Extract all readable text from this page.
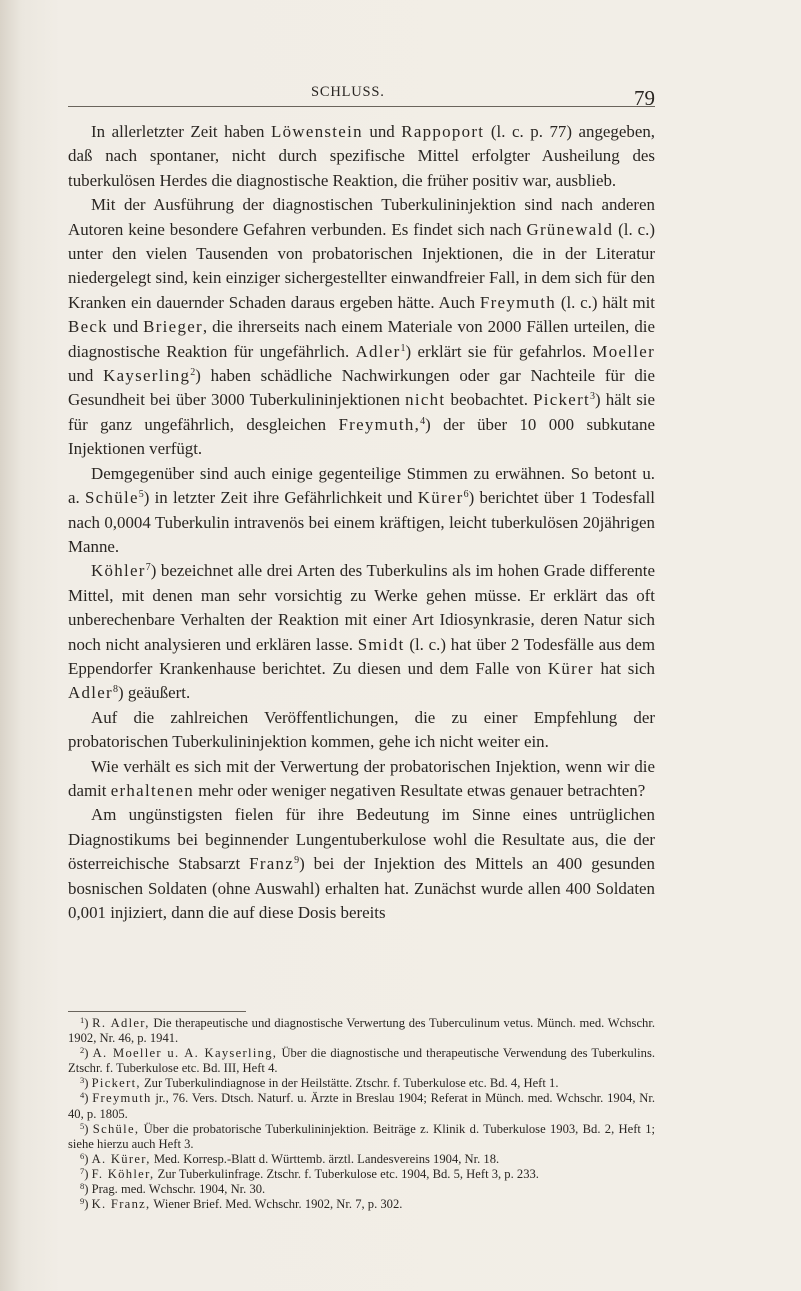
SCHLUSS.	79

In allerletzter Zeit haben Löwenstein und Rappoport (l. c. p. 77) angegeben, daß nach spontaner, nicht durch spezifische Mittel erfolgter Ausheilung des tuberkulösen Herdes die diagnostische Reaktion, die früher positiv war, ausblieb.

Mit der Ausführung der diagnostischen Tuberkulininjektion sind nach anderen Autoren keine besondere Gefahren verbunden. Es findet sich nach Grünewald (l. c.) unter den vielen Tausenden von probatorischen Injektionen, die in der Literatur niedergelegt sind, kein einziger sichergestellter einwandfreier Fall, in dem sich für den Kranken ein dauernder Schaden daraus ergeben hätte. Auch Freymuth (l. c.) hält mit Beck und Brieger, die ihrerseits nach einem Materiale von 2000 Fällen urteilen, die diagnostische Reaktion für ungefährlich. Adler$^1$) erklärt sie für gefahrlos. Moeller und Kayserling$^2$) haben schädliche Nachwirkungen oder gar Nachteile für die Gesundheit bei über 3000 Tuberkulininjektionen nicht beobachtet. Pickert$^3$) hält sie für ganz ungefährlich, desgleichen Freymuth,$^4$) der über 10 000 subkutane Injektionen verfügt.

Demgegenüber sind auch einige gegenteilige Stimmen zu erwähnen. So betont u. a. Schüle$^5$) in letzter Zeit ihre Gefährlichkeit und Kürer$^6$) berichtet über 1 Todesfall nach 0,0004 Tuberkulin intravenös bei einem kräftigen, leicht tuberkulösen 20jährigen Manne.

Köhler$^7$) bezeichnet alle drei Arten des Tuberkulins als im hohen Grade differente Mittel, mit denen man sehr vorsichtig zu Werke gehen müsse. Er erklärt das oft unberechenbare Verhalten der Reaktion mit einer Art Idiosynkrasie, deren Natur sich noch nicht analysieren und erklären lasse. Smidt (l. c.) hat über 2 Todesfälle aus dem Eppendorfer Krankenhause berichtet. Zu diesen und dem Falle von Kürer hat sich Adler$^8$) geäußert.

Auf die zahlreichen Veröffentlichungen, die zu einer Empfehlung der probatorischen Tuberkulininjektion kommen, gehe ich nicht weiter ein.

Wie verhält es sich mit der Verwertung der probatorischen Injektion, wenn wir die damit erhaltenen mehr oder weniger negativen Resultate etwas genauer betrachten?

Am ungünstigsten fielen für ihre Bedeutung im Sinne eines untrüglichen Diagnostikums bei beginnender Lungentuberkulose wohl die Resultate aus, die der österreichische Stabsarzt Franz$^9$) bei der Injektion des Mittels an 400 gesunden bosnischen Soldaten (ohne Auswahl) erhalten hat. Zunächst wurde allen 400 Soldaten 0,001 injiziert, dann die auf diese Dosis bereits

$^1$) R. Adler, Die therapeutische und diagnostische Verwertung des Tuberculinum vetus. Münch. med. Wchschr. 1902, Nr. 46, p. 1941.

$^2$) A. Moeller u. A. Kayserling, Über die diagnostische und therapeutische Verwendung des Tuberkulins. Ztschr. f. Tuberkulose etc. Bd. III, Heft 4.

$^3$) Pickert, Zur Tuberkulindiagnose in der Heilstätte. Ztschr. f. Tuberkulose etc. Bd. 4, Heft 1.

$^4$) Freymuth jr., 76. Vers. Dtsch. Naturf. u. Ärzte in Breslau 1904; Referat in Münch. med. Wchschr. 1904, Nr. 40, p. 1805.

$^5$) Schüle, Über die probatorische Tuberkulininjektion. Beiträge z. Klinik d. Tuberkulose 1903, Bd. 2, Heft 1; siehe hierzu auch Heft 3.

$^6$) A. Kürer, Med. Korresp.-Blatt d. Württemb. ärztl. Landesvereins 1904, Nr. 18.

$^7$) F. Köhler, Zur Tuberkulinfrage. Ztschr. f. Tuberkulose etc. 1904, Bd. 5, Heft 3, p. 233.

$^8$) Prag. med. Wchschr. 1904, Nr. 30.

$^9$) K. Franz, Wiener Brief. Med. Wchschr. 1902, Nr. 7, p. 302.
